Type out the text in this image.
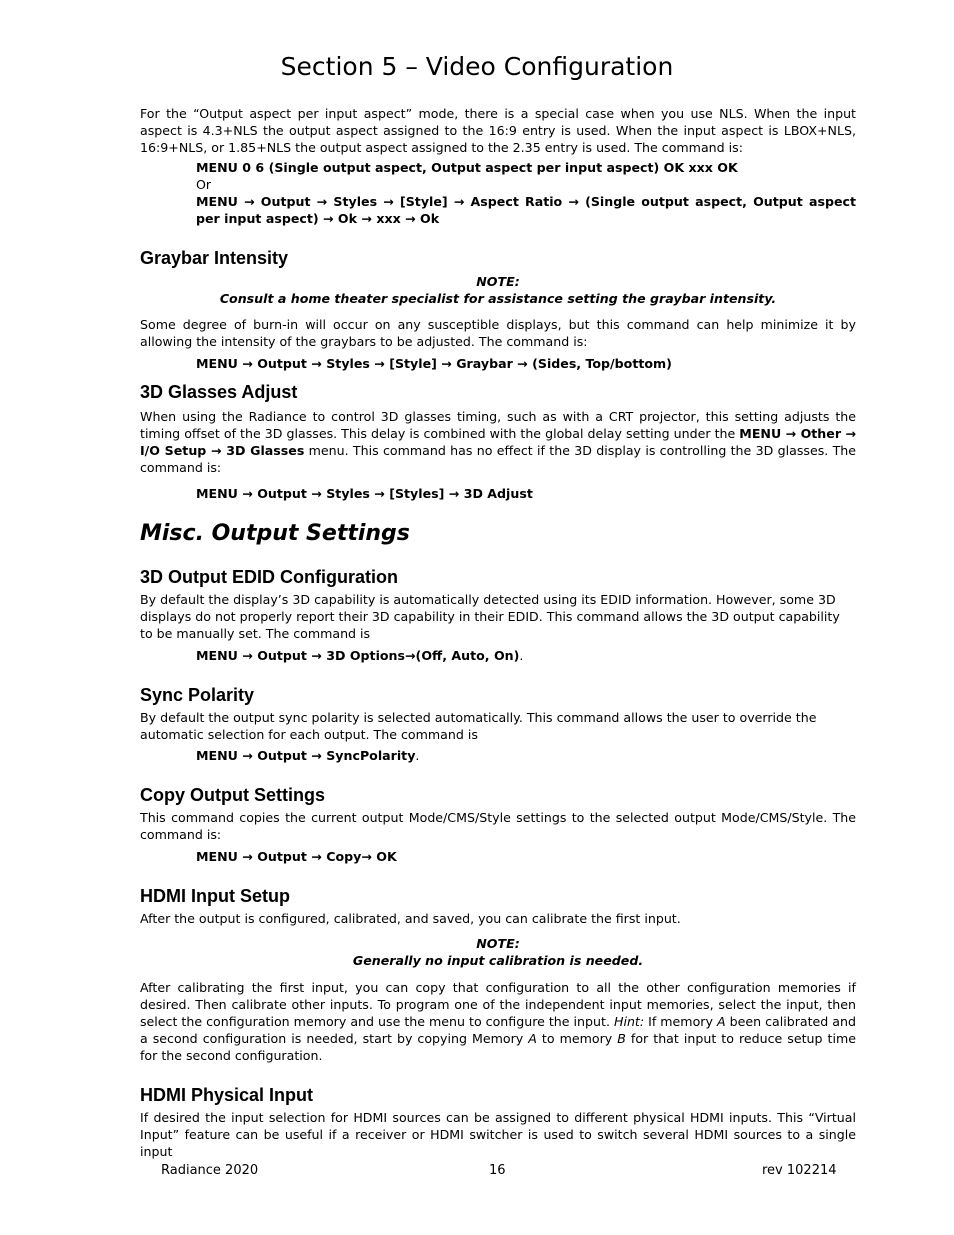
Section 5 – Video Configuration

For the “Output aspect per input aspect” mode, there is a special case when you use NLS. When the input aspect is 4.3+NLS the output aspect assigned to the 16:9 entry is used. When the input aspect is LBOX+NLS, 16:9+NLS, or 1.85+NLS the output aspect assigned to the 2.35 entry is used. The command is:

MENU 0 6 (Single output aspect, Output aspect per input aspect) OK xxx OK

Or

MENU → Output → Styles → [Style] → Aspect Ratio → (Single output aspect, Output aspect per input aspect) → Ok → xxx → Ok

Graybar Intensity

NOTE:

Consult a home theater specialist for assistance setting the graybar intensity.

Some degree of burn-in will occur on any susceptible displays, but this command can help minimize it by allowing the intensity of the graybars to be adjusted. The command is:

MENU → Output → Styles → [Style] → Graybar → (Sides, Top/bottom)

3D Glasses Adjust

When using the Radiance to control 3D glasses timing, such as with a CRT projector, this setting adjusts the timing offset of the 3D glasses. This delay is combined with the global delay setting under the MENU → Other → I/O Setup → 3D Glasses menu. This command has no effect if the 3D display is controlling the 3D glasses. The command is:

MENU → Output → Styles → [Styles] → 3D Adjust

Misc. Output Settings
3D Output EDID Configuration

By default the display’s 3D capability is automatically detected using its EDID information. However, some 3D displays do not properly report their 3D capability in their EDID. This command allows the 3D output capability to be manually set. The command is

MENU → Output → 3D Options→(Off, Auto, On).

Sync Polarity

By default the output sync polarity is selected automatically. This command allows the user to override the automatic selection for each output. The command is

MENU → Output → SyncPolarity.

Copy Output Settings

This command copies the current output Mode/CMS/Style settings to the selected output Mode/CMS/Style. The command is:

MENU → Output → Copy→ OK

HDMI Input Setup

After the output is configured, calibrated, and saved, you can calibrate the first input.

NOTE:

Generally no input calibration is needed.

After calibrating the first input, you can copy that configuration to all the other configuration memories if desired. Then calibrate other inputs. To program one of the independent input memories, select the input, then select the configuration memory and use the menu to configure the input. Hint: If memory A been calibrated and a second configuration is needed, start by copying Memory A to memory B for that input to reduce setup time for the second configuration.

HDMI Physical Input

If desired the input selection for HDMI sources can be assigned to different physical HDMI inputs. This “Virtual Input” feature can be useful if a receiver or HDMI switcher is used to switch several HDMI sources to a single input

Radiance 2020	16	rev 102214
